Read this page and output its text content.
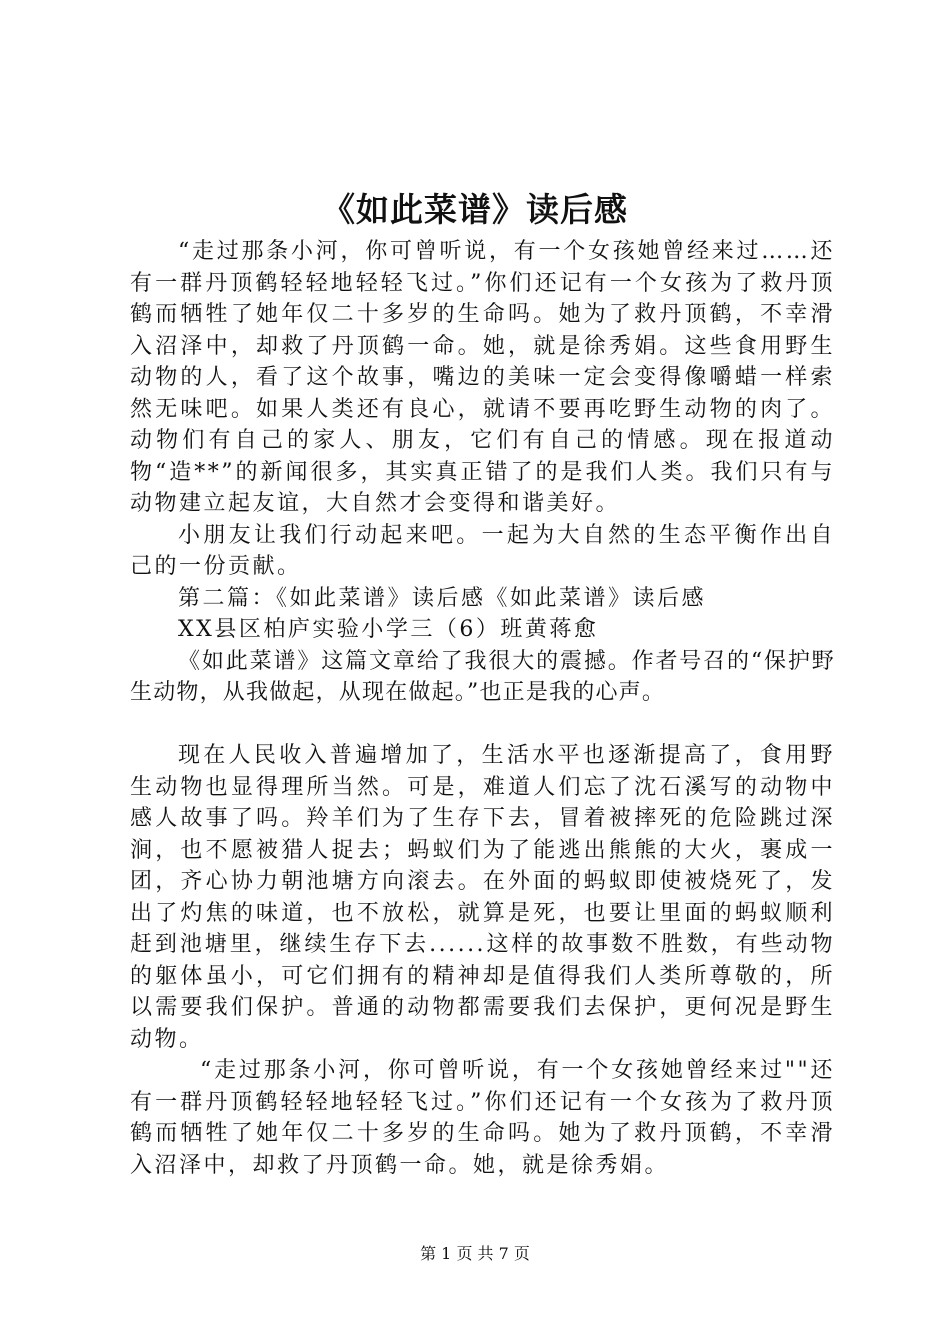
《如此菜谱》读后感

“走过那条小河，你可曾听说，有一个女孩她曾经来过……还有一群丹顶鹤轻轻地轻轻飞过。”你们还记有一个女孩为了救丹顶鹤而牺牲了她年仅二十多岁的生命吗。她为了救丹顶鹤，不幸滑入沼泽中，却救了丹顶鹤一命。她，就是徐秀娟。这些食用野生动物的人，看了这个故事，嘴边的美味一定会变得像嚼蜡一样索然无味吧。如果人类还有良心，就请不要再吃野生动物的肉了。动物们有自己的家人、朋友，它们有自己的情感。现在报道动物“造**”的新闻很多，其实真正错了的是我们人类。我们只有与动物建立起友谊，大自然才会变得和谐美好。

小朋友让我们行动起来吧。一起为大自然的生态平衡作出自己的一份贡献。

第二篇：《如此菜谱》读后感《如此菜谱》读后感

XX县区柏庐实验小学三（6）班黄蒋愈

《如此菜谱》这篇文章给了我很大的震撼。作者号召的“保护野生动物，从我做起，从现在做起。”也正是我的心声。

现在人民收入普遍增加了，生活水平也逐渐提高了，食用野生动物也显得理所当然。可是，难道人们忘了沈石溪写的动物中感人故事了吗。羚羊们为了生存下去，冒着被摔死的危险跳过深涧，也不愿被猎人捉去；蚂蚁们为了能逃出熊熊的大火，裹成一团，齐心协力朝池塘方向滚去。在外面的蚂蚁即使被烧死了，发出了灼焦的味道，也不放松，就算是死，也要让里面的蚂蚁顺利赶到池塘里，继续生存下去......这样的故事数不胜数，有些动物的躯体虽小，可它们拥有的精神却是值得我们人类所尊敬的，所以需要我们保护。普通的动物都需要我们去保护，更何况是野生动物。

“走过那条小河，你可曾听说，有一个女孩她曾经来过""还有一群丹顶鹤轻轻地轻轻飞过。”你们还记有一个女孩为了救丹顶鹤而牺牲了她年仅二十多岁的生命吗。她为了救丹顶鹤，不幸滑入沼泽中，却救了丹顶鹤一命。她，就是徐秀娟。

第 1 页 共 7 页
